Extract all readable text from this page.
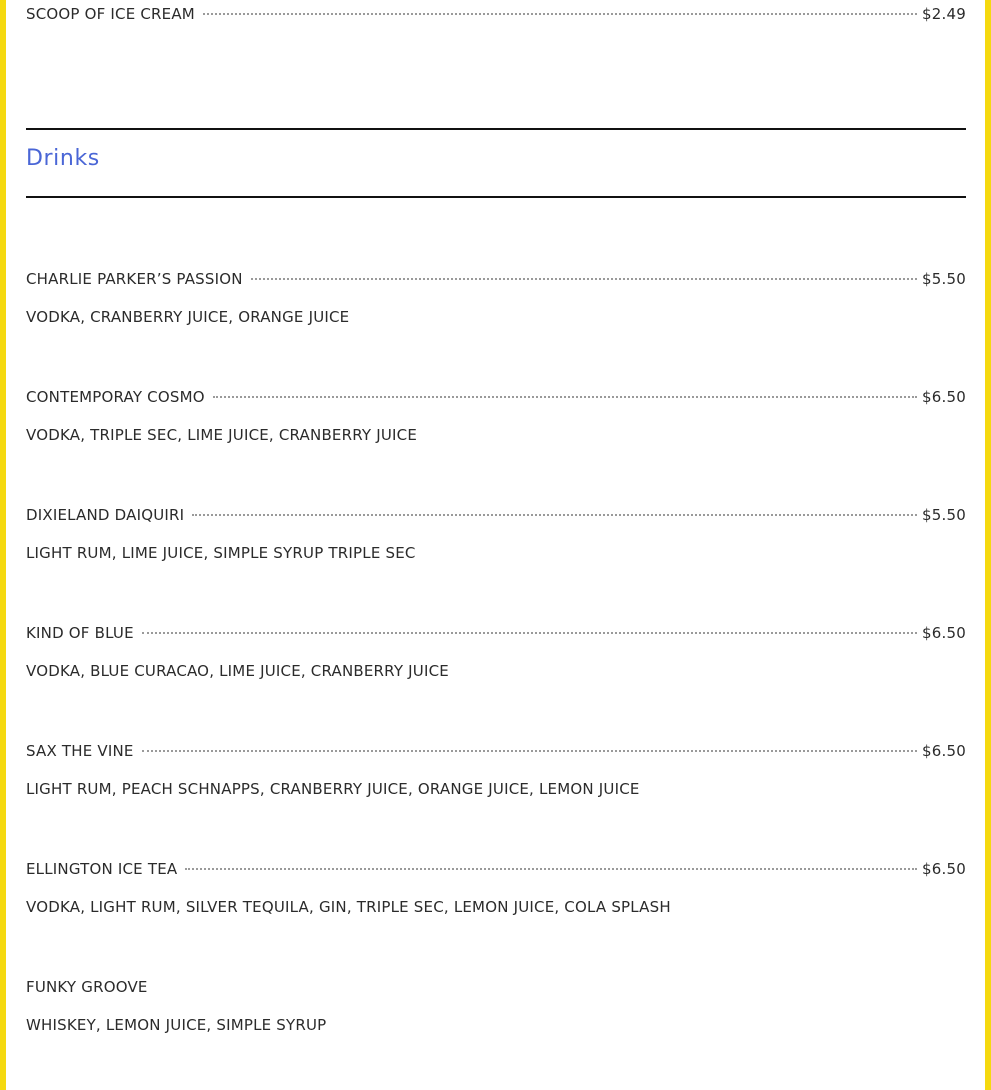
SCOOP OF ICE CREAM	$2.49
Drinks
CHARLIE PARKER’S PASSION	$5.50
VODKA, CRANBERRY JUICE, ORANGE JUICE
CONTEMPORAY COSMO	$6.50
VODKA, TRIPLE SEC, LIME JUICE, CRANBERRY JUICE
DIXIELAND DAIQUIRI	$5.50
LIGHT RUM, LIME JUICE, SIMPLE SYRUP TRIPLE SEC
KIND OF BLUE	$6.50
VODKA, BLUE CURACAO, LIME JUICE, CRANBERRY JUICE
SAX THE VINE	$6.50
LIGHT RUM, PEACH SCHNAPPS, CRANBERRY JUICE, ORANGE JUICE, LEMON JUICE
ELLINGTON ICE TEA	$6.50
VODKA, LIGHT RUM, SILVER TEQUILA, GIN, TRIPLE SEC, LEMON JUICE, COLA SPLASH
FUNKY GROOVE
WHISKEY, LEMON JUICE, SIMPLE SYRUP
